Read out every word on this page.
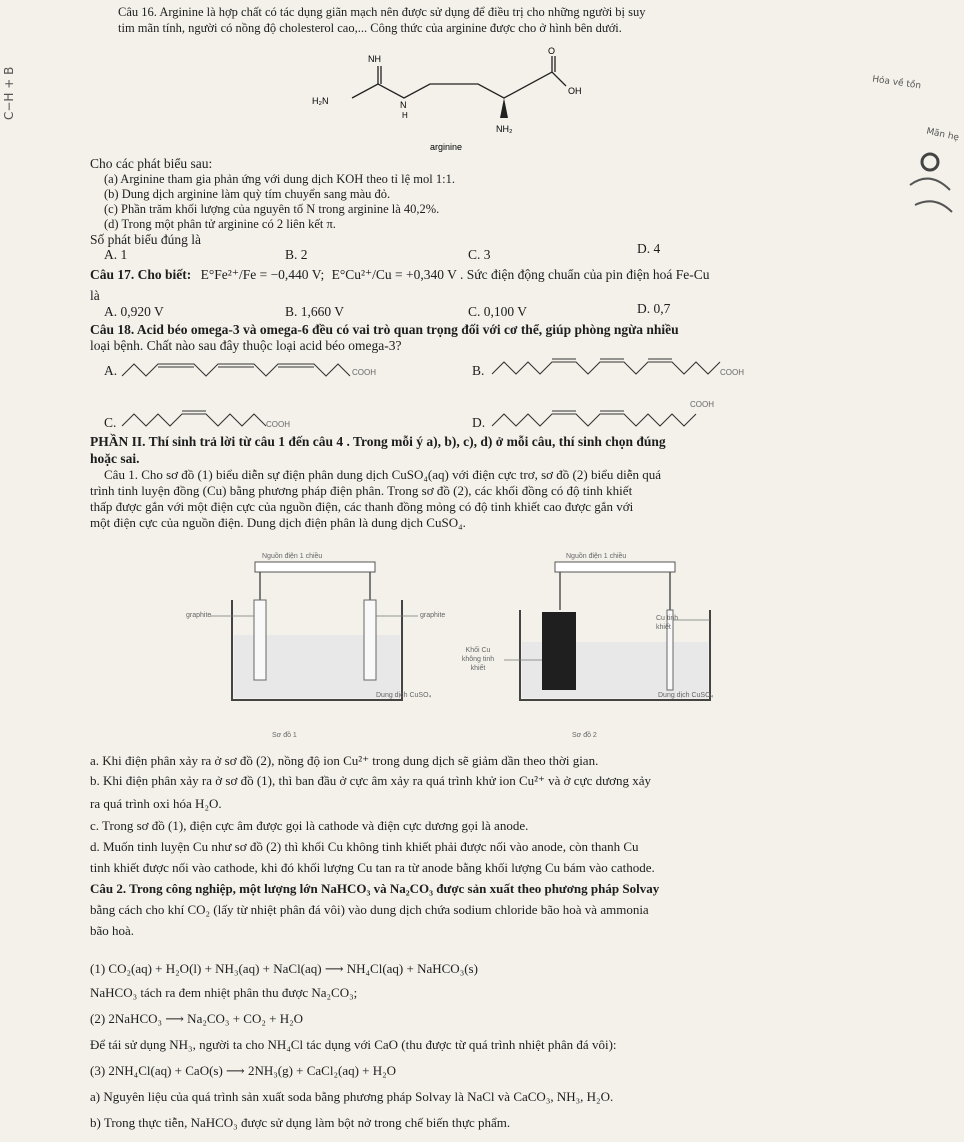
C−H + B	Hóa về tồn
Mãn hẹ
Câu 16. Arginine là hợp chất có tác dụng giãn mạch nên được sử dụng để điều trị cho những người bị suy
tim mãn tính, người có nồng độ cholesterol cao,... Công thức của arginine được cho ở hình bên dưới.
NH
H₂N	N
H
O
OH
NH₂
arginine
Cho các phát biểu sau:
(a) Arginine tham gia phản ứng với dung dịch KOH theo tỉ lệ mol 1:1.
(b) Dung dịch arginine làm quỳ tím chuyển sang màu đỏ.
(c) Phần trăm khối lượng của nguyên tố N trong arginine là 40,2%.
(d) Trong một phân tử arginine có 2 liên kết π.
Số phát biểu đúng là
A. 1	B. 2	C. 3	D. 4
Câu 17. Cho biết: E°Fe²⁺/Fe = −0,440 V; E°Cu²⁺/Cu = +0,340 V . Sức điện động chuẩn của pin điện hoá Fe-Cu
là
A. 0,920 V	B. 1,660 V	C. 0,100 V	D. 0,7
Câu 18. Acid béo omega-3 và omega-6 đều có vai trò quan trọng đối với cơ thể, giúp phòng ngừa nhiều
loại bệnh. Chất nào sau đây thuộc loại acid béo omega-3?
A.	COOH	B.	COOH
C.	COOH	D.
COOH
PHẦN II. Thí sinh trả lời từ câu 1 đến câu 4 . Trong mỗi ý a), b), c), d) ở mỗi câu, thí sinh chọn đúng
hoặc sai.
Câu 1. Cho sơ đồ (1) biểu diễn sự điện phân dung dịch CuSO₄(aq) với điện cực trơ, sơ đồ (2) biểu diễn quá
trình tinh luyện đồng (Cu) bằng phương pháp điện phân. Trong sơ đồ (2), các khối đồng có độ tinh khiết
thấp được gắn với một điện cực của nguồn điện, các thanh đồng mỏng có độ tinh khiết cao được gắn với
một điện cực của nguồn điện. Dung dịch điện phân là dung dịch CuSO₄.
Nguồn điện 1 chiều
graphite	graphite
Dung dịch CuSO₄
Sơ đồ 1
Nguồn điện 1 chiều
Khối Cu không tinh khiết
Cu tinh khiết
Dung dịch CuSO₄
Sơ đồ 2
a. Khi điện phân xảy ra ở sơ đồ (2), nồng độ ion Cu²⁺ trong dung dịch sẽ giảm dần theo thời gian.
b. Khi điện phân xảy ra ở sơ đồ (1), thì ban đầu ở cực âm xảy ra quá trình khử ion Cu²⁺ và ở cực dương xảy
ra quá trình oxi hóa H₂O.
c. Trong sơ đồ (1), điện cực âm được gọi là cathode và điện cực dương gọi là anode.
d. Muốn tinh luyện Cu như sơ đồ (2) thì khối Cu không tinh khiết phải được nối vào anode, còn thanh Cu
tinh khiết được nối vào cathode, khi đó khối lượng Cu tan ra từ anode bằng khối lượng Cu bám vào cathode.
Câu 2. Trong công nghiệp, một lượng lớn NaHCO₃ và Na₂CO₃ được sản xuất theo phương pháp Solvay
bằng cách cho khí CO₂ (lấy từ nhiệt phân đá vôi) vào dung dịch chứa sodium chloride bão hoà và ammonia
bão hoà.
(1) CO₂(aq) + H₂O(l) + NH₃(aq) + NaCl(aq) ⟶ NH₄Cl(aq) + NaHCO₃(s)
NaHCO₃ tách ra đem nhiệt phân thu được Na₂CO₃;
(2) 2NaHCO₃ ⟶ Na₂CO₃ + CO₂ + H₂O
Để tái sử dụng NH₃, người ta cho NH₄Cl tác dụng với CaO (thu được từ quá trình nhiệt phân đá vôi):
(3) 2NH₄Cl(aq) + CaO(s) ⟶ 2NH₃(g) + CaCl₂(aq) + H₂O
a) Nguyên liệu của quá trình sản xuất soda bằng phương pháp Solvay là NaCl và CaCO₃, NH₃, H₂O.
b) Trong thực tiễn, NaHCO₃ được sử dụng làm bột nở trong chế biến thực phẩm.
